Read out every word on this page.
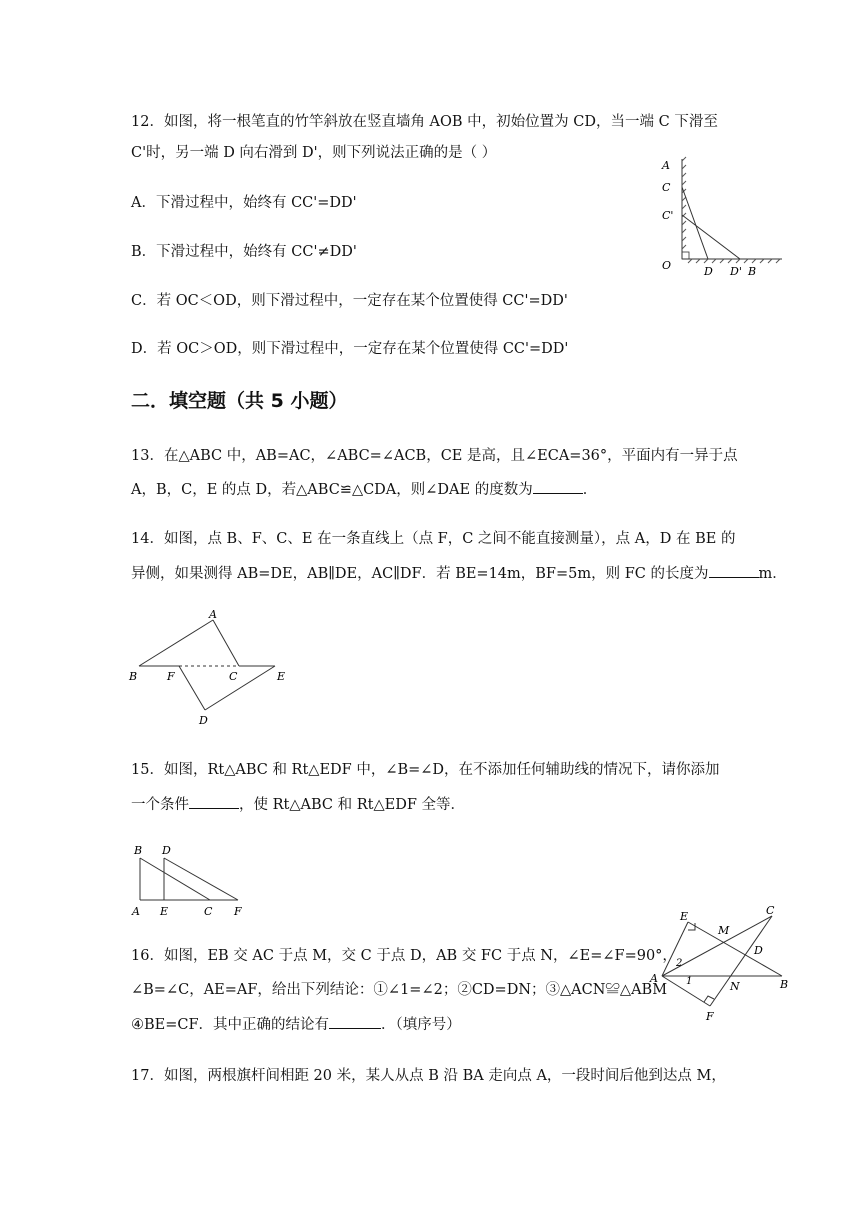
12．如图，将一根笔直的竹竿斜放在竖直墙角 AOB 中，初始位置为 CD，当一端 C 下滑至
C'时，另一端 D 向右滑到 D'，则下列说法正确的是（ ）
A．下滑过程中，始终有 CC'=DD'
B．下滑过程中，始终有 CC'≠DD'
C．若 OC＜OD，则下滑过程中，一定存在某个位置使得 CC'=DD'
D．若 OC＞OD，则下滑过程中，一定存在某个位置使得 CC'=DD'
A
C
C'
O	D D' B
二．填空题（共 5 小题）
13．在△ABC 中，AB=AC，∠ABC=∠ACB，CE 是高，且∠ECA=36°，平面内有一异于点
A，B，C，E 的点 D，若△ABC≌△CDA，则∠DAE 的度数为	．
14．如图，点 B、F、C、E 在一条直线上（点 F，C 之间不能直接测量），点 A，D 在 BE 的
异侧，如果测得 AB=DE，AB∥DE，AC∥DF．若 BE=14m，BF=5m，则 FC 的长度为	m．
A
B	F	C	E
D
15．如图，Rt△ABC 和 Rt△EDF 中，∠B=∠D，在不添加任何辅助线的情况下，请你添加
一个条件	，使 Rt△ABC 和 Rt△EDF 全等．
B D
A E	C F
16．如图，EB 交 AC 于点 M，交 C 于点 D，AB 交 FC 于点 N，∠E=∠F=90°，
∠B=∠C，AE=AF，给出下列结论：①∠1=∠2；②CD=DN；③△ACN≌△ABM
④BE=CF．其中正确的结论有	．（填序号）
E
M
C
D
A
N	B
F
1
2
17．如图，两根旗杆间相距 20 米，某人从点 B 沿 BA 走向点 A，一段时间后他到达点 M，
